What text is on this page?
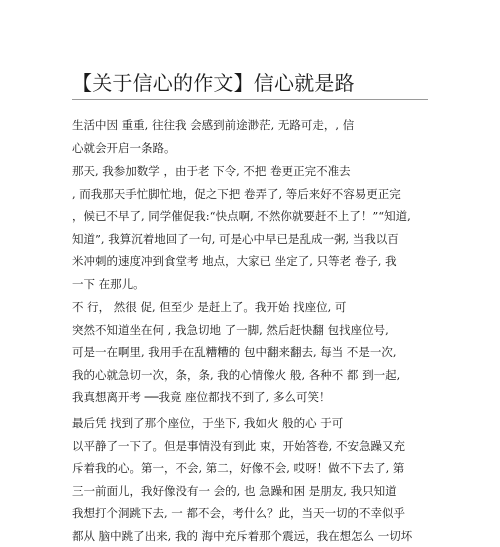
【关于信心的作文】信心就是路
生活中因 重重, 往往我 会感到前途渺茫, 无路可走，, 信
心就会开启一条路。
那天, 我参加数学 ，由于老 下令, 不把 卷更正完不准去
, 而我那天手忙脚忙地，促之下把 卷弄了, 等后来好不容易更正完
，候已不早了, 同学催促我:“快点啊, 不然你就要赶不上了！”“知道,
知道”, 我算沉着地回了一句, 可是心中早已是乱成一粥, 当我以百
米冲刺的速度冲到食堂考 地点，大家已 坐定了, 只等老 卷子, 我
一下 在那儿。
不 行， 然很 促, 但至少 是赶上了。我开始 找座位, 可
突然不知道坐在何 , 我急切地 了一脚, 然后赶快翻 包找座位号,
可是一在啊里, 我用手在乱糟糟的 包中翻来翻去, 每当 不是一次,
我的心就急切一次，条，条, 我的心情像火 般, 各种不 都 到一起,
我真想离开考 ──我竟 座位都找不到了, 多么可笑！
最后凭 找到了那个座位，于坐下, 我如火 般的心 于可
以平静了一下了。但是事情没有到此 束，开始答卷, 不安急躁又充
斥着我的心。第一，不会, 第二，好像不会, 哎呀！做不下去了, 第
三一前面儿，我好像没有一 会的, 也 急躁和困 是朋友, 我只知道
我想打个洞跳下去, 一 都不会，考什么？此，当天一切的不幸似乎
都从 脑中跳了出来, 我的 海中充斥着那个震远，我在想怎么 一切坏
